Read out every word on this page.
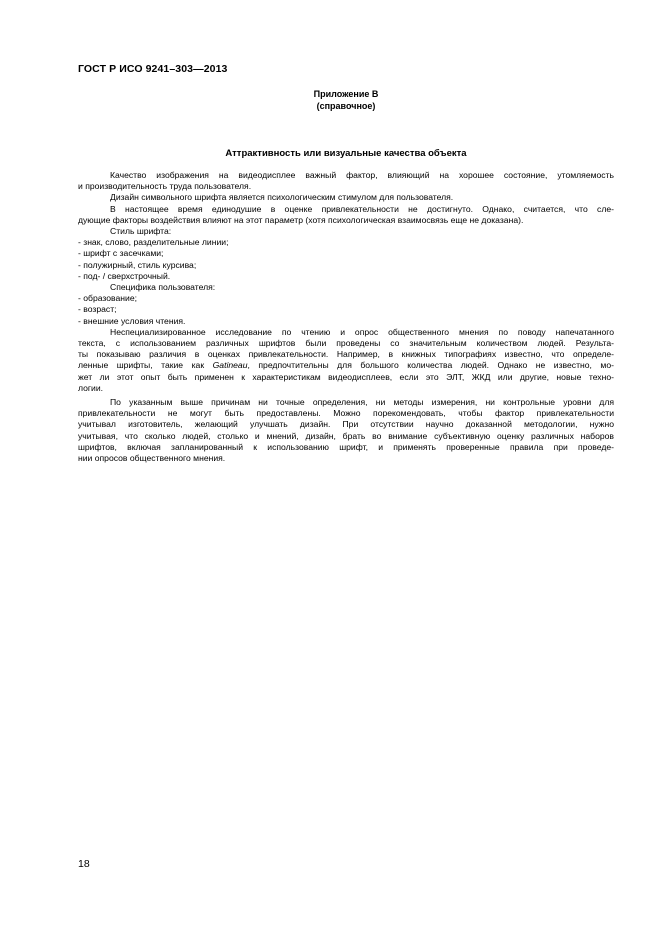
ГОСТ Р ИСО 9241–303—2013
Приложение В
(справочное)
Аттрактивность или визуальные качества объекта
Качество изображения на видеодисплее важный фактор, влияющий на хорошее состояние, утомляемость
и производительность труда пользователя.
Дизайн символьного шрифта является психологическим стимулом для пользователя.
В настоящее время единодушие в оценке привлекательности не достигнуто. Однако, считается, что сле-
дующие факторы воздействия влияют на этот параметр (хотя психологическая взаимосвязь еще не доказана).
Стиль шрифта:
- знак, слово, разделительные линии;
- шрифт с засечками;
- полужирный, стиль курсива;
- под- / сверхстрочный.
Специфика пользователя:
- образование;
- возраст;
- внешние условия чтения.
Неспециализированное исследование по чтению и опрос общественного мнения по поводу напечатанного
текста, с использованием различных шрифтов были проведены со значительным количеством людей. Результа-
ты показываю различия в оценках привлекательности. Например, в книжных типографиях известно, что определе-
ленные шрифты, такие как Gatineau, предпочтительны для большого количества людей. Однако не известно, мо-
жет ли этот опыт быть применен к характеристикам видеодисплеев, если это ЭЛТ, ЖКД или другие, новые техно-
логии.
По указанным выше причинам ни точные определения, ни методы измерения, ни контрольные уровни для
привлекательности не могут быть предоставлены. Можно порекомендовать, чтобы фактор привлекательности
учитывал изготовитель, желающий улучшать дизайн. При отсутствии научно доказанной методологии, нужно
учитывая, что сколько людей, столько и мнений, дизайн, брать во внимание субъективную оценку различных наборов
шрифтов, включая запланированный к использованию шрифт, и применять проверенные правила при проведе-
нии опросов общественного мнения.
18
